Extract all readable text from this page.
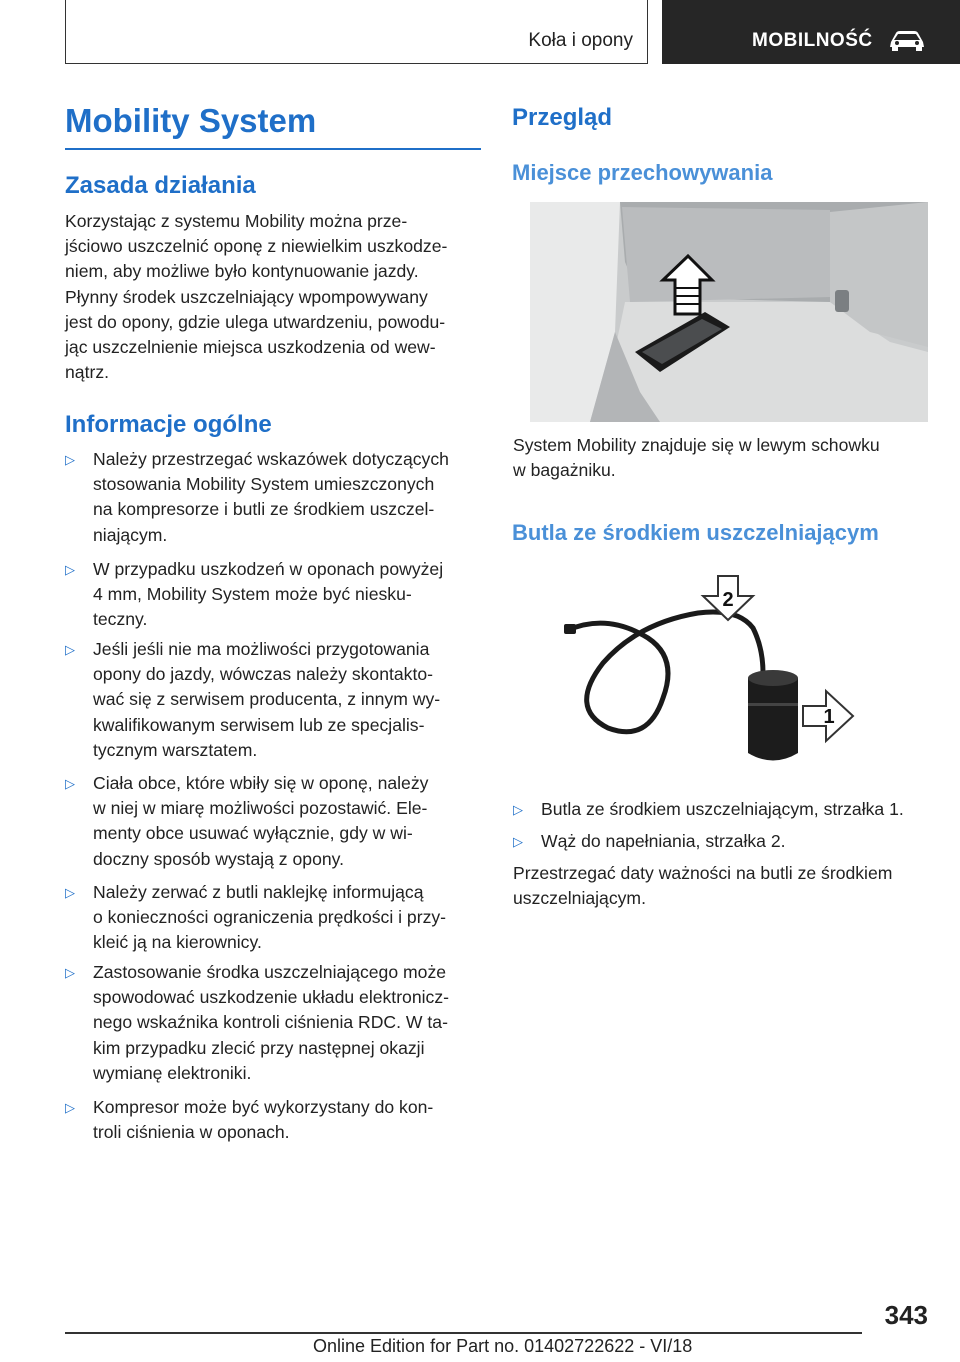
Koła i opony	MOBILNOŚĆ
Mobility System
Zasada działania
Korzystając z systemu Mobility można prze‐
jściowo uszczelnić oponę z niewielkim uszkodze‐
niem, aby możliwe było kontynuowanie jazdy.
Płynny środek uszczelniający wpompowywany
jest do opony, gdzie ulega utwardzeniu, powodu‐
jąc uszczelnienie miejsca uszkodzenia od wew‐
nątrz.
Informacje ogólne
▷ Należy przestrzegać wskazówek dotyczących
stosowania Mobility System umieszczonych
na kompresorze i butli ze środkiem uszczel‐
niającym.
▷ W przypadku uszkodzeń w oponach powyżej
4 mm, Mobility System może być niesku‐
teczny.
▷ Jeśli jeśli nie ma możliwości przygotowania
opony do jazdy, wówczas należy skontakto‐
wać się z serwisem producenta, z innym wy‐
kwalifikowanym serwisem lub ze specjalis‐
tycznym warsztatem.
▷ Ciała obce, które wbiły się w oponę, należy
w niej w miarę możliwości pozostawić. Ele‐
menty obce usuwać wyłącznie, gdy w wi‐
doczny sposób wystają z opony.
▷ Należy zerwać z butli naklejkę informującą
o konieczności ograniczenia prędkości i przy‐
kleić ją na kierownicy.
▷ Zastosowanie środka uszczelniającego może
spowodować uszkodzenie układu elektronicz‐
nego wskaźnika kontroli ciśnienia RDC. W ta‐
kim przypadku zlecić przy następnej okazji
wymianę elektroniki.
▷ Kompresor może być wykorzystany do kon‐
troli ciśnienia w oponach.
Przegląd
Miejsce przechowywania
System Mobility znajduje się w lewym schowku
w bagażniku.
Butla ze środkiem uszczelniającym
2
1
▷ Butla ze środkiem uszczelniającym, strzałka 1.
▷ Wąż do napełniania, strzałka 2.
Przestrzegać daty ważności na butli ze środkiem
uszczelniającym.
343
Online Edition for Part no. 01402722622 - VI/18
